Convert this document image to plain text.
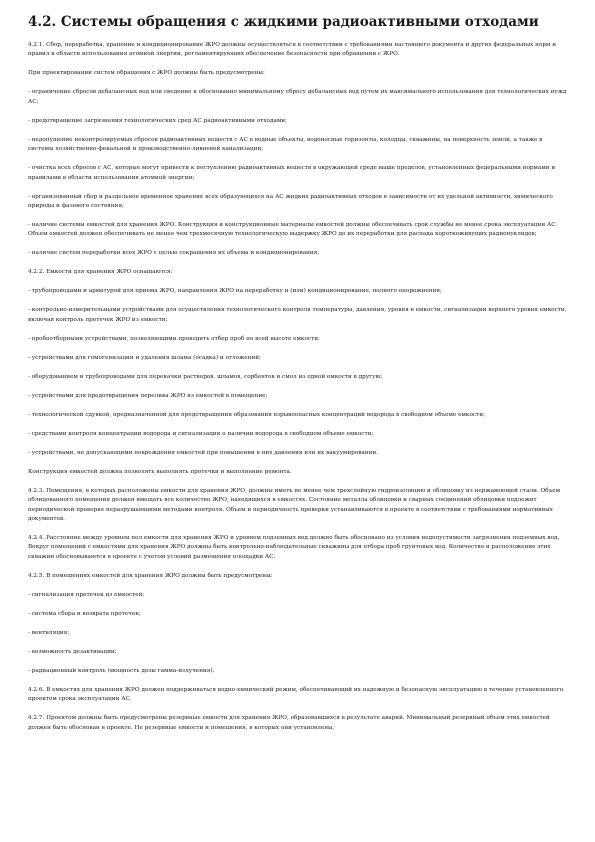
4.2. Системы обращения с жидкими радиоактивными отходами

4.2.1. Сбор, переработка, хранение и кондиционирование ЖРО должны осуществляться в соответствии с требованиями настоящего документа и других федеральных норм и правил в области использования атомной энергии, регламентирующих обеспечение безопасности при обращении с ЖРО.

При проектировании систем обращения с ЖРО должны быть предусмотрены:

- ограничение сбросов дебалансных вод или сведение к обоснованно минимальному сбросу дебалансных вод путем их максимального использования для технологических нужд АС;

- предотвращение загрязнения технологических сред АС радиоактивными отходами;

- недопущение неконтролируемых сбросов радиоактивных веществ с АС в водные объекты, водоносные горизонты, колодцы, скважины, на поверхность земли, а также в системы хозяйственно-фекальной и производственно-ливневой канализации;

- очистка всех сбросов с АС, которые могут привести к поступлению радиоактивных веществ в окружающей среде выше пределов, установленных федеральными нормами и правилами в области использования атомной энергии;

- организованный сбор и раздельное временное хранение всех образующихся на АС жидких радиоактивных отходов в зависимости от их удельной активности, химического природы и фазового состояния;

- наличие системы емкостей для хранения ЖРО. Конструкция и конструкционные материалы емкостей должны обеспечивать срок службы не менее срока эксплуатации АС. Объем емкостей должен обеспечивать не менее чем трехмесячную технологическую выдержку ЖРО до их переработки для распада короткоживущих радионуклидов;

- наличие систем переработки всех ЖРО с целью сокращения их объема и кондиционирования;

4.2.2. Емкости для хранения ЖРО оснащаются:

- трубопроводами и арматурой для приема ЖРО, направления ЖРО на переработку и (или) кондиционирование, полного опорожнения;

- контрольно-измерительными устройствами для осуществления технологического контроля температуры, давления, уровня в емкости, сигнализации верхнего уровня емкости, включая контроль протечек ЖРО из емкости;

- пробоотборными устройствами, позволяющими проводить отбор проб по всей высоте емкости;

- устройствами для гомогенизации и удаления шлама (осадка) и отложений;

- оборудованием и трубопроводами для перекачки растворов, шламов, сорбентов и смол из одной емкости в другую;

- устройствами для предотвращения перелива ЖРО из емкостей в помещение;

- технологической сдувкой, предназначенной для предотвращения образования взрывоопасных концентраций водорода в свободном объеме емкости;

- средствами контроля концентрации водорода и сигнализации о наличии водорода в свободном объеме емкости;

- устройствами, не допускающими повреждения емкостей при повышении в них давления или их вакуумировании.

Конструкция емкостей должна позволять выполнять протечки и выполнение ремонта.

4.2.3. Помещения, в которых расположены емкости для хранения ЖРО, должны иметь не менее чем трехслойную гидроизоляцию и облицовку из нержавеющей стали. Объем облицованного помещения должен вмещать все количество ЖРО, находящихся в емкостях. Состояние металла облицовки и сварных соединений облицовки подлежит периодической проверке неразрушающими методами контроля. Объем и периодичность проверки устанавливаются в проекте в соответствии с требованиями нормативных документов.

4.2.4. Расстояние между уровнем пол емкости для хранения ЖРО и уровнем подземных вод должно быть обосновано из условия недопустимости загрязнения подземных вод. Вокруг помещений с емкостями для хранения ЖРО должны быть контрольно-наблюдательные скважины для отбора проб грунтовых вод. Количество и расположение этих скважин обосновываются в проекте с учетом условий размещения площадки АС.

4.2.5. В помещениях емкостей для хранения ЖРО должны быть предусмотрены:

- сигнализация протечек из емкостей;

- система сбора и возврата протечек;

- вентиляция;

- возможность дезактивации;

- радиационный контроль (мощность дозы гамма-излучения).

4.2.6. В емкостях для хранения ЖРО должен поддерживаться водно-химический режим, обеспечивающий их надежную и безопасную эксплуатацию в течение установленного проектом срока эксплуатации АС.

4.2.7. Проектом должны быть предусмотрены резервные емкости для хранения ЖРО, образовавшихся в результате аварий. Минимальный резервный объем этих емкостей должен быть обоснован в проекте. Не резервные емкости и помещения, в которых они установлены,
